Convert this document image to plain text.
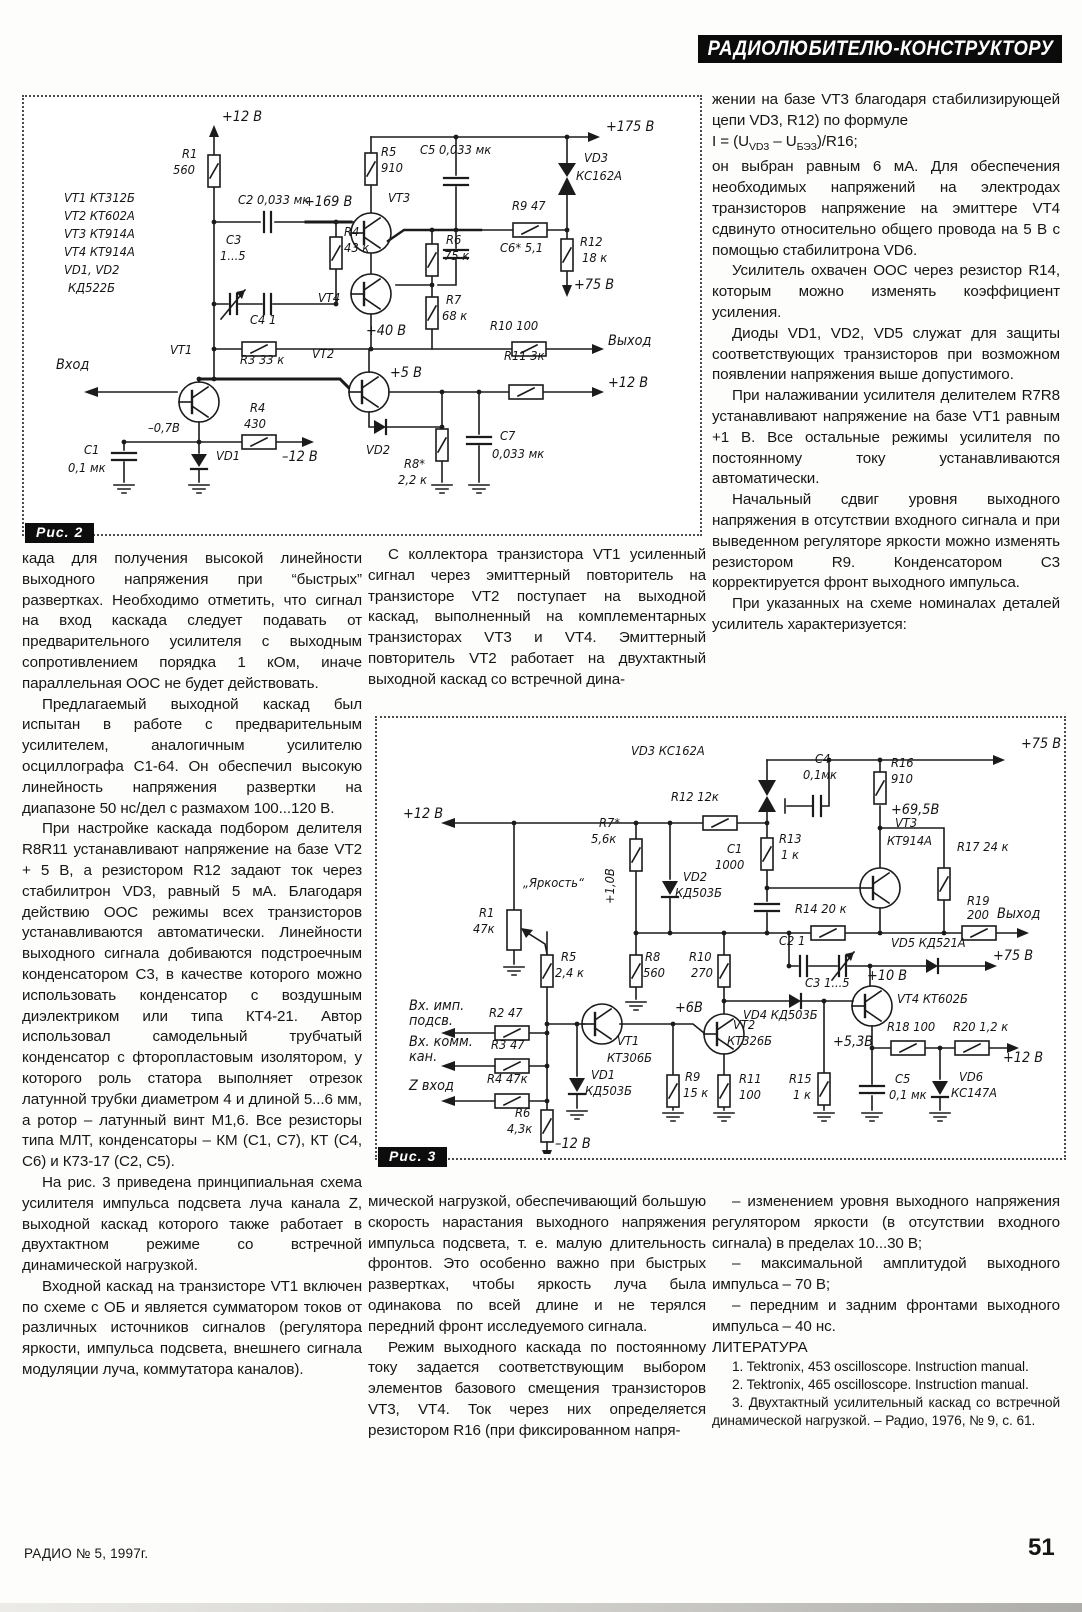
РАДИОЛЮБИТЕЛЮ-КОНСТРУКТОРУ
+12 В
R1
560
С2 0,033 мк
+169 В
R5
910
С5 0,033 мк
VD3
КС162А
+175 В
VT3
R9 47
R4
43 к
R6
75 к
С6* 5,1	R12
18 к
+75 В
VT1 КТ312Б
VT2 КТ602А
VT3 КТ914А
VT4 КТ914А
VD1, VD2
КД522Б
С3
1...5
С4 1
VT4	R7
68 к
+40 В
R3 33 к VT2
R10 100
Выход
Вход
VT1
+5 В
R11 3к
+12 В
–0,7В
R4
430
–12 В	VD2
R8*
2,2 к
С7
0,033 мк
С1
0,1 мк
VD1
Рис. 2

жении на базе VT3 благодаря стабилизирующей цепи VD3, R12) по формуле

$I = (U_{VD3} - U_{БЭЗ})/R16$;

он выбран равным 6 мА. Для обеспечения необходимых напряжений на электродах транзисторов напряжение на эмиттере VT4 сдвинуто относительно общего провода на 5 В с помощью стабилитрона VD6.

Усилитель охвачен ООС через резистор R14, которым можно изменять коэффициент усиления.

Диоды VD1, VD2, VD5 служат для защиты соответствующих транзисторов при возможном появлении напряжения выше допустимого.

При налаживании усилителя делителем R7R8 устанавливают напряжение на базе VT1 равным +1 В. Все остальные режимы усилителя по постоянному току устанавливаются автоматически.

Начальный сдвиг уровня выходного напряжения в отсутствии входного сигнала и при выведенном регуляторе яркости можно изменять резистором R9. Конденсатором С3 корректируется фронт выходного импульса.

При указанных на схеме номиналах деталей усилитель характеризуется:

када для получения высокой линейности выходного напряжения при “быстрых” развертках. Необходимо отметить, что сигнал на вход каскада следует подавать от предварительного усилителя с выходным сопротивлением порядка 1 кОм, иначе параллельная ООС не будет действовать.

Предлагаемый выходной каскад был испытан в работе с предварительным усилителем, аналогичным усилителю осциллографа С1-64. Он обеспечил высокую линейность напряжения развертки на диапазоне 50 нс/дел с размахом 100...120 В.

При настройке каскада подбором делителя R8R11 устанавливают напряжение на базе VT2 + 5 В, а резистором R12 задают ток через стабилитрон VD3, равный 5 мА. Благодаря действию ООС режимы всех транзисторов устанавливаются автоматически. Линейности выходного сигнала добиваются подстроечным конденсатором С3, в качестве которого можно использовать конденсатор с воздушным диэлектриком или типа КТ4-21. Автор использовал самодельный трубчатый конденсатор с фторопластовым изолятором, у которого роль статора выполняет отрезок латунной трубки диаметром 4 и длиной 5...6 мм, а ротор – латунный винт М1,6. Все резисторы типа МЛТ, конденсаторы – КМ (С1, С7), КТ (С4, С6) и К73-17 (С2, С5).

На рис. 3 приведена принципиальная схема усилителя импульса подсвета луча канала Z, выходной каскад которого также работает в двухтактном режиме со встречной динамической нагрузкой.

Входной каскад на транзисторе VT1 включен по схеме с ОБ и является сумматором токов от различных источников сигналов (регулятора яркости, импульса подсвета, внешнего сигнала модуляции луча, коммутатора каналов).

С коллектора транзистора VT1 усиленный сигнал через эмиттерный повторитель на транзисторе VT2 поступает на выходной каскад, выполненный на комплементарных транзисторах VT3 и VT4. Эмиттерный повторитель VT2 работает на двухтактный выходной каскад со встречной дина-

+12 В
VD3 КС162А
R12 12к
С4
0,1мк
R16
910
+75 В
+69,5В
R7*
5,6к	R13
1 к
С1
1000
VT3
КТ914А R17 24 к
R19
200 Выход
„Яркость“ +1,0В	VD2
КД503Б
R14 20 к
R1
47к
С2 1
С3 1...5
VD5 КД521А
+10 В
+75 В
R5
2,4 к
R8
560
R10
270
VT4 КТ602Б
VD4 КД503Б
Вх. имп.
подсв.
R2 47	+6В
Вх. комм.
кан.
R3 47	VT1
КТ306Б
VT2
КТ326Б
R18 100 R20 1,2 к
+5,3В
+12 В
Z вход	R4 47к	VD1
КД503Б
R9
15 к
R11
100
R15
1 к
С5
0,1 мк
VD6
КС147А
R6
4,3к
–12 В
Рис. 3

мической нагрузкой, обеспечивающий большую скорость нарастания выходного напряжения импульса подсвета, т. е. малую длительность фронтов. Это особенно важно при быстрых развертках, чтобы яркость луча была одинакова по всей длине и не терялся передний фронт исследуемого сигнала.

Режим выходного каскада по постоянному току задается соответствующим выбором элементов базового смещения транзисторов VT3, VT4. Ток через них определяется резистором R16 (при фиксированном напря-

– изменением уровня выходного напряжения регулятором яркости (в отсутствии входного сигнала) в пределах 10...30 В;

– максимальной амплитудой выходного импульса – 70 В;

– передним и задним фронтами выходного импульса – 40 нс.

ЛИТЕРАТУРА

1. Tektronix, 453 oscilloscope. Instruction manual.

2. Tektronix, 465 oscilloscope. Instruction manual.

3. Двухтактный усилительный каскад со встречной динамической нагрузкой. – Радио, 1976, № 9, с. 61.

РАДИО № 5, 1997г.	51
